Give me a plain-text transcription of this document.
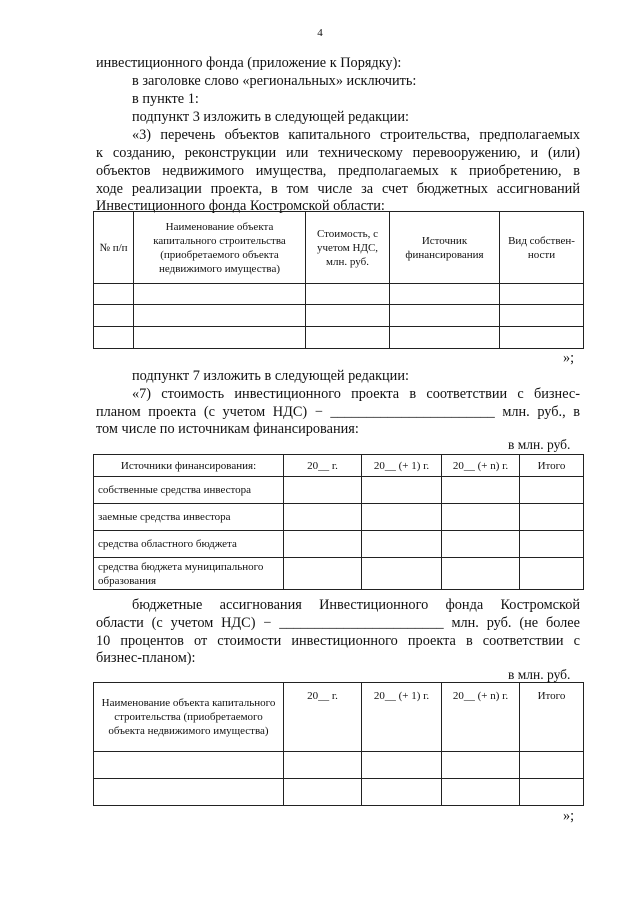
4
инвестиционного фонда (приложение к Порядку):
в заголовке слово «региональных» исключить:
в пункте 1:
подпункт 3 изложить в следующей редакции:
«3) перечень объектов капитального строительства, предполагаемых
к созданию, реконструкции или техническому перевооружению, и (или)
объектов недвижимого имущества, предполагаемых к приобретению, в
ходе реализации проекта, в том числе за счет бюджетных ассигнований
Инвестиционного фонда Костромской области:
№ п/п	Наименование объекта капитального строительства (приобретаемого объекта недвижимого имущества)	Стоимость, с учетом НДС, млн. руб.	Источник финансирования	Вид собствен-ности

»;
подпункт 7 изложить в следующей редакции:
«7) стоимость инвестиционного проекта в соответствии с бизнес-
планом проекта (с учетом НДС) − _______________________ млн. руб., в
том числе по источникам финансирования:
в млн. руб.
Источники финансирования:	20__ г.	20__ (+ 1) г.	20__ (+ n) г.	Итого
собственные средства инвестора				
заемные средства инвестора				
средства областного бюджета				
средства бюджета муниципального образования				
бюджетные ассигнования Инвестиционного фонда Костромской
области (с учетом НДС) − _______________________ млн. руб. (не более
10 процентов от стоимости инвестиционного проекта в соответствии с
бизнес-планом):
в млн. руб.
Наименование объекта капитального строительства (приобретаемого объекта недвижимого имущества)	20__ г.	20__ (+ 1) г.	20__ (+ n) г.	Итого

»;
